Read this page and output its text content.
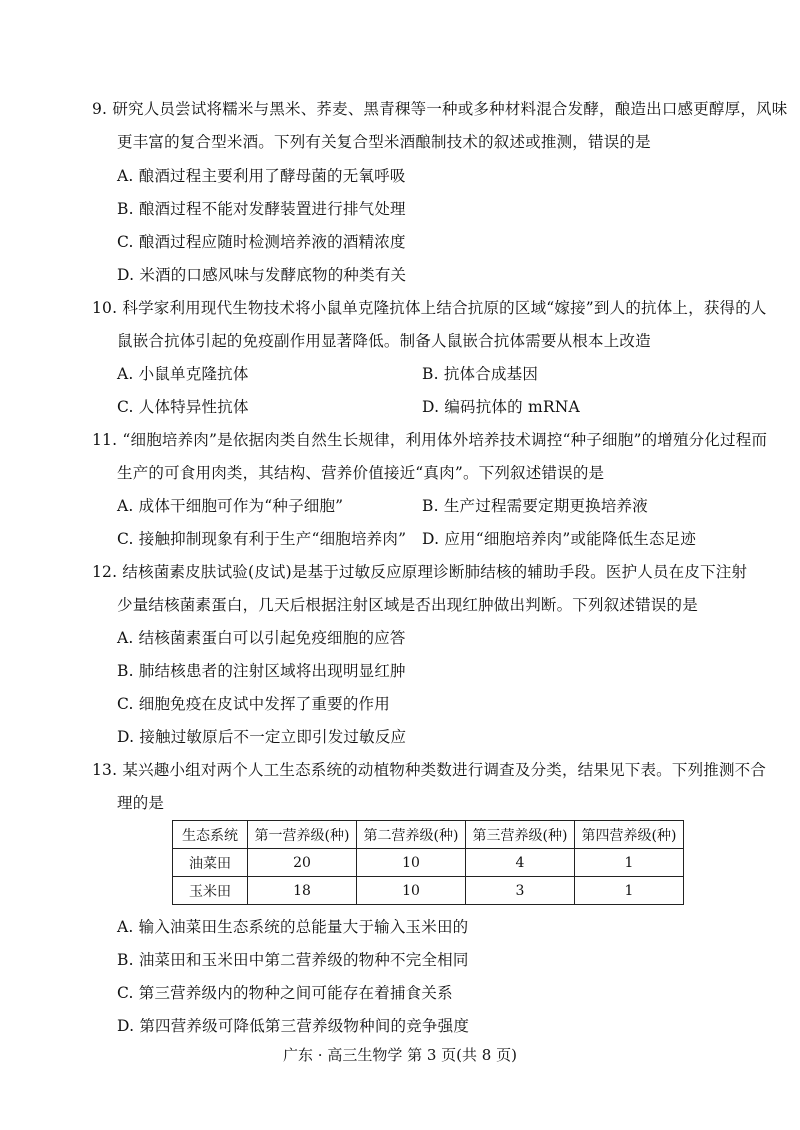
9. 研究人员尝试将糯米与黑米、荞麦、黑青稞等一种或多种材料混合发酵，酿造出口感更醇厚，风味
更丰富的复合型米酒。下列有关复合型米酒酿制技术的叙述或推测，错误的是
A. 酿酒过程主要利用了酵母菌的无氧呼吸
B. 酿酒过程不能对发酵装置进行排气处理
C. 酿酒过程应随时检测培养液的酒精浓度
D. 米酒的口感风味与发酵底物的种类有关
10. 科学家利用现代生物技术将小鼠单克隆抗体上结合抗原的区域“嫁接”到人的抗体上，获得的人
鼠嵌合抗体引起的免疫副作用显著降低。制备人鼠嵌合抗体需要从根本上改造
A. 小鼠单克隆抗体	B. 抗体合成基因
C. 人体特异性抗体	D. 编码抗体的 mRNA
11. “细胞培养肉”是依据肉类自然生长规律，利用体外培养技术调控“种子细胞”的增殖分化过程而
生产的可食用肉类，其结构、营养价值接近“真肉”。下列叙述错误的是
A. 成体干细胞可作为“种子细胞”	B. 生产过程需要定期更换培养液
C. 接触抑制现象有利于生产“细胞培养肉” D. 应用“细胞培养肉”或能降低生态足迹
12. 结核菌素皮肤试验(皮试)是基于过敏反应原理诊断肺结核的辅助手段。医护人员在皮下注射
少量结核菌素蛋白，几天后根据注射区域是否出现红肿做出判断。下列叙述错误的是
A. 结核菌素蛋白可以引起免疫细胞的应答
B. 肺结核患者的注射区域将出现明显红肿
C. 细胞免疫在皮试中发挥了重要的作用
D. 接触过敏原后不一定立即引发过敏反应
13. 某兴趣小组对两个人工生态系统的动植物种类数进行调查及分类，结果见下表。下列推测不合
理的是
生态系统	第一营养级(种)	第二营养级(种)	第三营养级(种)	第四营养级(种)
油菜田	20	10	4	1
玉米田	18	10	3	1
A. 输入油菜田生态系统的总能量大于输入玉米田的
B. 油菜田和玉米田中第二营养级的物种不完全相同
C. 第三营养级内的物种之间可能存在着捕食关系
D. 第四营养级可降低第三营养级物种间的竞争强度
广东 · 高三生物学 第 3 页(共 8 页)
